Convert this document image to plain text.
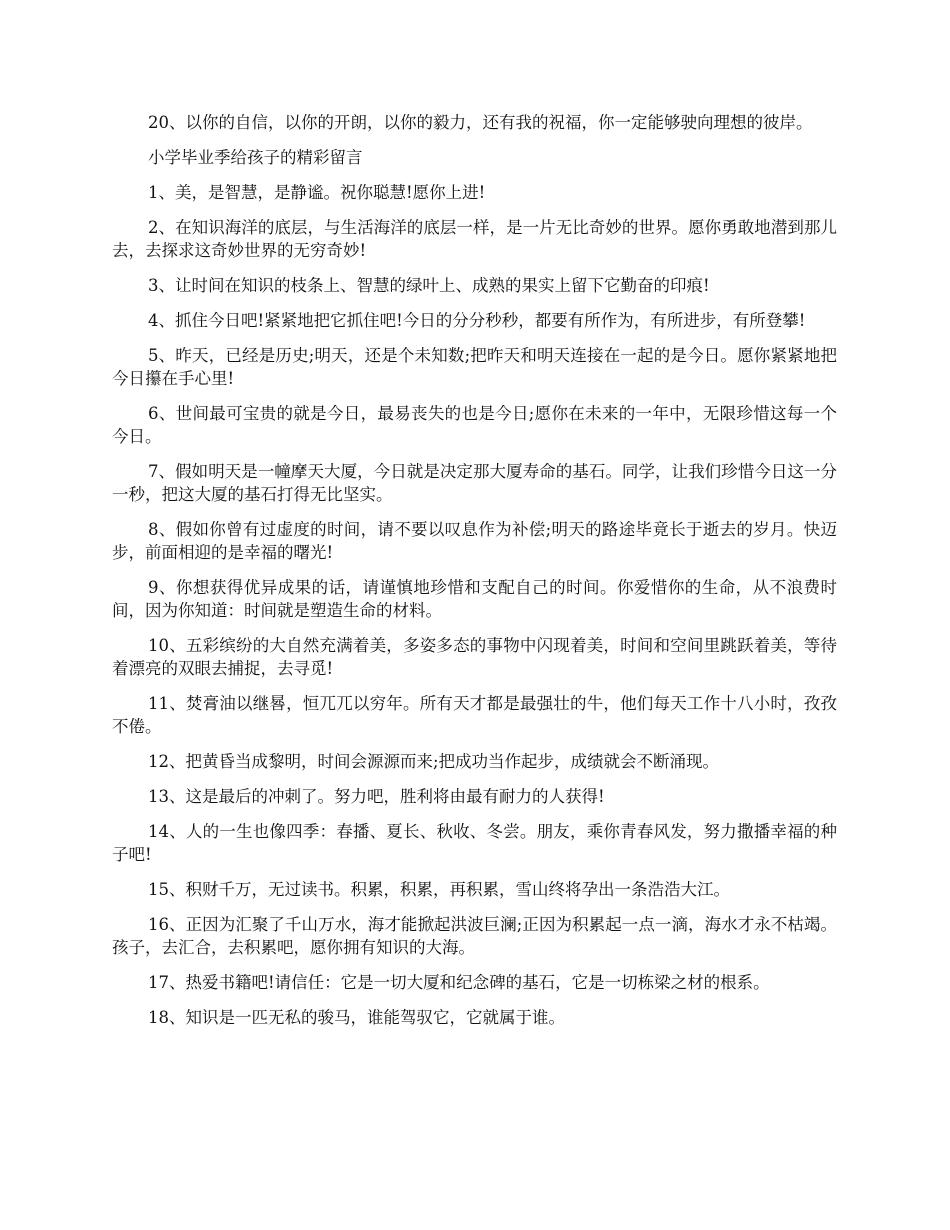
20、以你的自信，以你的开朗，以你的毅力，还有我的祝福，你一定能够驶向理想的彼岸。

小学毕业季给孩子的精彩留言

1、美，是智慧，是静谧。祝你聪慧!愿你上进!

2、在知识海洋的底层，与生活海洋的底层一样，是一片无比奇妙的世界。愿你勇敢地潜到那儿去，去探求这奇妙世界的无穷奇妙!

3、让时间在知识的枝条上、智慧的绿叶上、成熟的果实上留下它勤奋的印痕!

4、抓住今日吧!紧紧地把它抓住吧!今日的分分秒秒，都要有所作为，有所进步，有所登攀!

5、昨天，已经是历史;明天，还是个未知数;把昨天和明天连接在一起的是今日。愿你紧紧地把今日攥在手心里!

6、世间最可宝贵的就是今日，最易丧失的也是今日;愿你在未来的一年中，无限珍惜这每一个今日。

7、假如明天是一幢摩天大厦，今日就是决定那大厦寿命的基石。同学，让我们珍惜今日这一分一秒，把这大厦的基石打得无比坚实。

8、假如你曾有过虚度的时间，请不要以叹息作为补偿;明天的路途毕竟长于逝去的岁月。快迈步，前面相迎的是幸福的曙光!

9、你想获得优异成果的话，请谨慎地珍惜和支配自己的时间。你爱惜你的生命，从不浪费时间，因为你知道：时间就是塑造生命的材料。

10、五彩缤纷的大自然充满着美，多姿多态的事物中闪现着美，时间和空间里跳跃着美，等待着漂亮的双眼去捕捉，去寻觅!

11、焚膏油以继晷，恒兀兀以穷年。所有天才都是最强壮的牛，他们每天工作十八小时，孜孜不倦。

12、把黄昏当成黎明，时间会源源而来;把成功当作起步，成绩就会不断涌现。

13、这是最后的冲刺了。努力吧，胜利将由最有耐力的人获得!

14、人的一生也像四季：春播、夏长、秋收、冬尝。朋友，乘你青春风发，努力撒播幸福的种子吧!

15、积财千万，无过读书。积累，积累，再积累，雪山终将孕出一条浩浩大江。

16、正因为汇聚了千山万水，海才能掀起洪波巨澜;正因为积累起一点一滴，海水才永不枯竭。孩子，去汇合，去积累吧，愿你拥有知识的大海。

17、热爱书籍吧!请信任：它是一切大厦和纪念碑的基石，它是一切栋梁之材的根系。

18、知识是一匹无私的骏马，谁能驾驭它，它就属于谁。
